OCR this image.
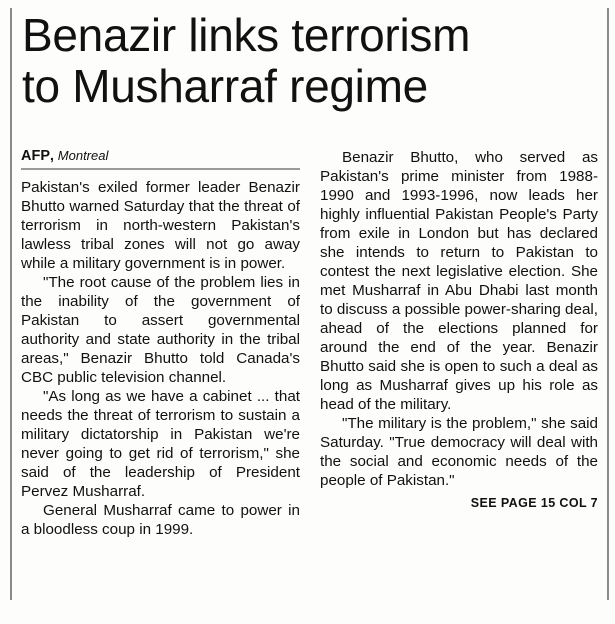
Benazir links terrorism
to Musharraf regime
AFP, Montreal

Pakistan's exiled former leader Benazir Bhutto warned Saturday that the threat of terrorism in north-western Pakistan's lawless tribal zones will not go away while a military government is in power.

"The root cause of the problem lies in the inability of the government of Pakistan to assert governmental authority and state authority in the tribal areas," Benazir Bhutto told Canada's CBC public television channel.

"As long as we have a cabinet ... that needs the threat of terrorism to sustain a military dictatorship in Pakistan we're never going to get rid of terrorism," she said of the leadership of President Pervez Musharraf.

General Musharraf came to power in a bloodless coup in 1999.

Benazir Bhutto, who served as Pakistan's prime minister from 1988-1990 and 1993-1996, now leads her highly influential Pakistan People's Party from exile in London but has declared she intends to return to Pakistan to contest the next legislative election. She met Musharraf in Abu Dhabi last month to discuss a possible power-sharing deal, ahead of the elections planned for around the end of the year. Benazir Bhutto said she is open to such a deal as long as Musharraf gives up his role as head of the military.

"The military is the problem," she said Saturday. "True democracy will deal with the social and economic needs of the people of Pakistan."

SEE PAGE 15 COL 7
